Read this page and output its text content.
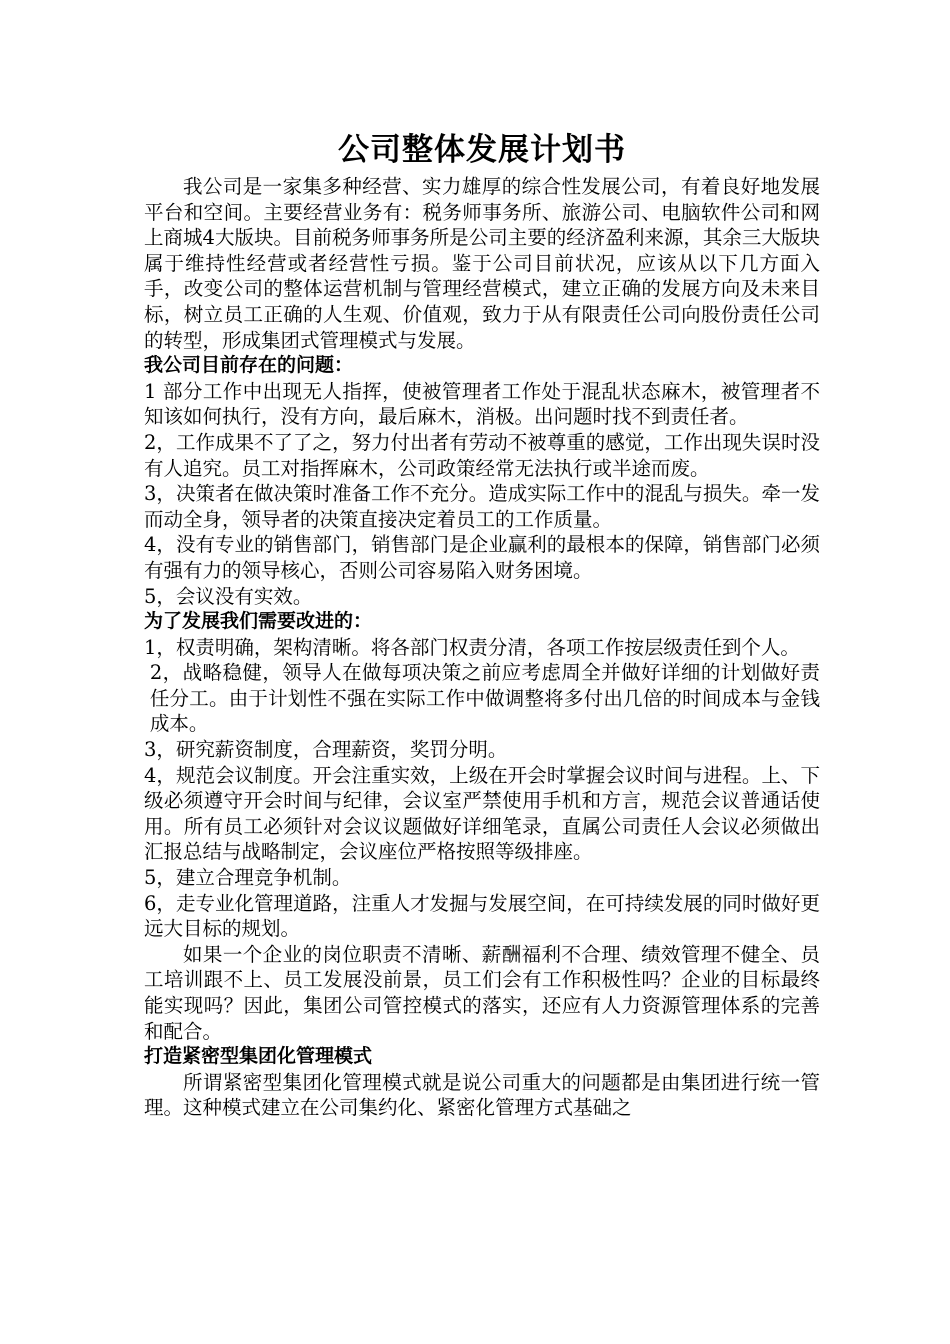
公司整体发展计划书

我公司是一家集多种经营、实力雄厚的综合性发展公司，有着良好地发展平台和空间。主要经营业务有：税务师事务所、旅游公司、电脑软件公司和网上商城4大版块。目前税务师事务所是公司主要的经济盈利来源，其余三大版块属于维持性经营或者经营性亏损。鉴于公司目前状况，应该从以下几方面入手，改变公司的整体运营机制与管理经营模式，建立正确的发展方向及未来目标，树立员工正确的人生观、价值观，致力于从有限责任公司向股份责任公司的转型，形成集团式管理模式与发展。

我公司目前存在的问题：

1 部分工作中出现无人指挥，使被管理者工作处于混乱状态麻木，被管理者不知该如何执行，没有方向，最后麻木，消极。出问题时找不到责任者。

2，工作成果不了了之，努力付出者有劳动不被尊重的感觉，工作出现失误时没有人追究。员工对指挥麻木，公司政策经常无法执行或半途而废。

3，决策者在做决策时准备工作不充分。造成实际工作中的混乱与损失。牵一发而动全身，领导者的决策直接决定着员工的工作质量。

4，没有专业的销售部门，销售部门是企业赢利的最根本的保障，销售部门必须有强有力的领导核心，否则公司容易陷入财务困境。

5，会议没有实效。

为了发展我们需要改进的：

1，权责明确，架构清晰。将各部门权责分清，各项工作按层级责任到个人。

2，战略稳健，领导人在做每项决策之前应考虑周全并做好详细的计划做好责任分工。由于计划性不强在实际工作中做调整将多付出几倍的时间成本与金钱成本。

3，研究薪资制度，合理薪资，奖罚分明。

4，规范会议制度。开会注重实效，上级在开会时掌握会议时间与进程。上、下级必须遵守开会时间与纪律，会议室严禁使用手机和方言，规范会议普通话使用。所有员工必须针对会议议题做好详细笔录，直属公司责任人会议必须做出汇报总结与战略制定，会议座位严格按照等级排座。

5，建立合理竞争机制。

6，走专业化管理道路，注重人才发掘与发展空间，在可持续发展的同时做好更远大目标的规划。

如果一个企业的岗位职责不清晰、薪酬福利不合理、绩效管理不健全、员工培训跟不上、员工发展没前景，员工们会有工作积极性吗？企业的目标最终能实现吗？因此，集团公司管控模式的落实，还应有人力资源管理体系的完善和配合。

打造紧密型集团化管理模式

所谓紧密型集团化管理模式就是说公司重大的问题都是由集团进行统一管理。这种模式建立在公司集约化、紧密化管理方式基础之
